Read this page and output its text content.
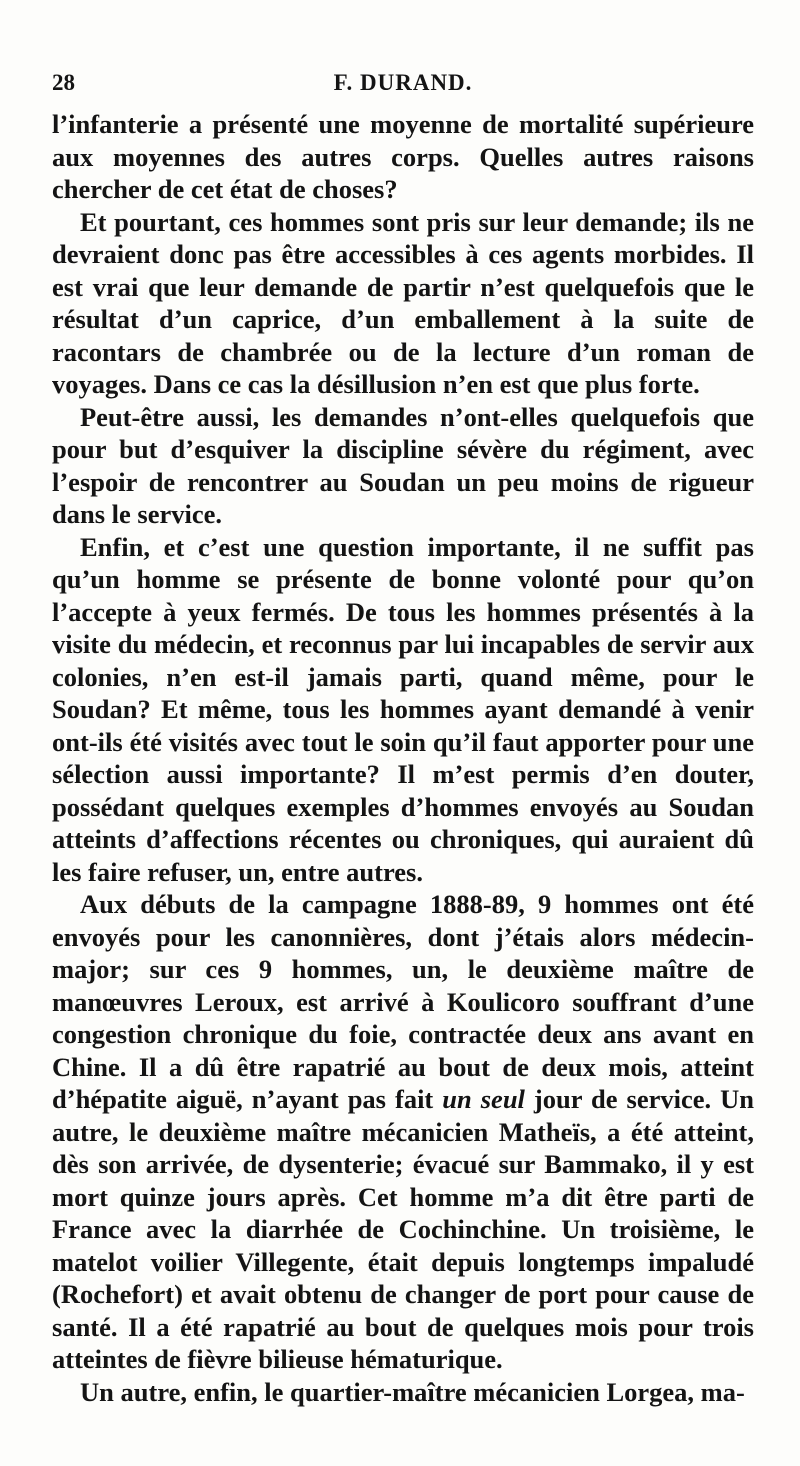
28	F. DURAND.

l’infanterie a présenté une moyenne de mortalité supérieure aux moyennes des autres corps. Quelles autres raisons chercher de cet état de choses?

Et pourtant, ces hommes sont pris sur leur demande; ils ne devraient donc pas être accessibles à ces agents morbides. Il est vrai que leur demande de partir n’est quelquefois que le résultat d’un caprice, d’un emballement à la suite de racontars de chambrée ou de la lecture d’un roman de voyages. Dans ce cas la désillusion n’en est que plus forte.

Peut-être aussi, les demandes n’ont-elles quelquefois que pour but d’esquiver la discipline sévère du régiment, avec l’espoir de rencontrer au Soudan un peu moins de rigueur dans le service.

Enfin, et c’est une question importante, il ne suffit pas qu’un homme se présente de bonne volonté pour qu’on l’accepte à yeux fermés. De tous les hommes présentés à la visite du médecin, et reconnus par lui incapables de servir aux colonies, n’en est-il jamais parti, quand même, pour le Soudan? Et même, tous les hommes ayant demandé à venir ont-ils été visités avec tout le soin qu’il faut apporter pour une sélection aussi importante? Il m’est permis d’en douter, possédant quelques exemples d’hommes envoyés au Soudan atteints d’affections récentes ou chroniques, qui auraient dû les faire refuser, un, entre autres.

Aux débuts de la campagne 1888-89, 9 hommes ont été envoyés pour les canonnières, dont j’étais alors médecin-major; sur ces 9 hommes, un, le deuxième maître de manœuvres Leroux, est arrivé à Koulicoro souffrant d’une congestion chronique du foie, contractée deux ans avant en Chine. Il a dû être rapatrié au bout de deux mois, atteint d’hépatite aiguë, n’ayant pas fait un seul jour de service. Un autre, le deuxième maître mécanicien Matheïs, a été atteint, dès son arrivée, de dysenterie; évacué sur Bammako, il y est mort quinze jours après. Cet homme m’a dit être parti de France avec la diarrhée de Cochinchine. Un troisième, le matelot voilier Villegente, était depuis longtemps impaludé (Rochefort) et avait obtenu de changer de port pour cause de santé. Il a été rapatrié au bout de quelques mois pour trois atteintes de fièvre bilieuse hématurique.

Un autre, enfin, le quartier-maître mécanicien Lorgea, ma-
